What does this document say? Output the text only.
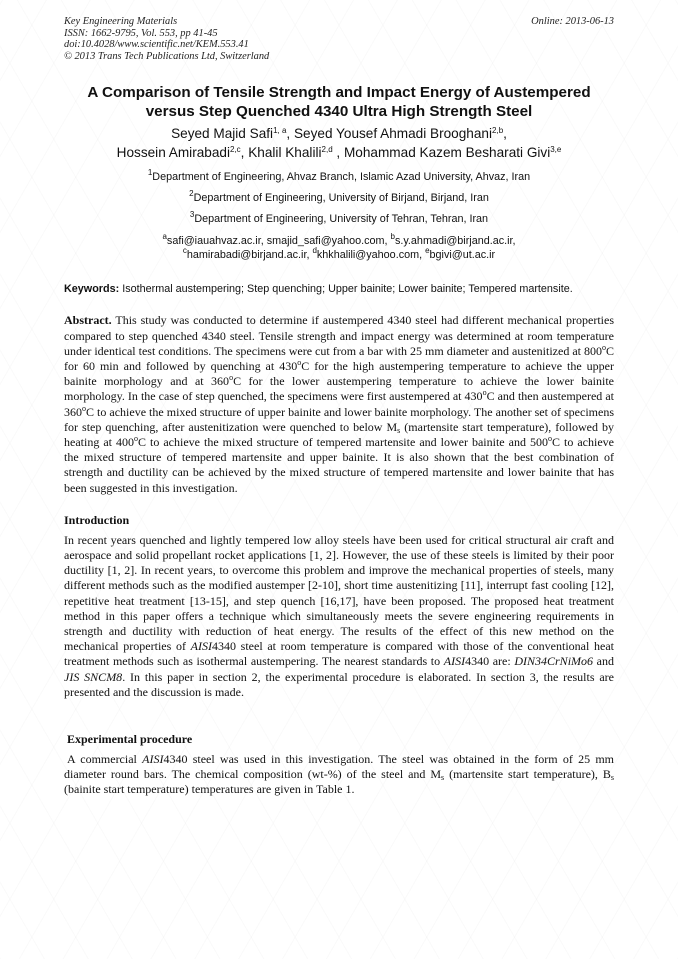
Key Engineering Materials
ISSN: 1662-9795, Vol. 553, pp 41-45
doi:10.4028/www.scientific.net/KEM.553.41
© 2013 Trans Tech Publications Ltd, Switzerland
Online: 2013-06-13
A Comparison of Tensile Strength and Impact Energy of Austempered versus Step Quenched 4340 Ultra High Strength Steel
Seyed Majid Safi$^{1, a}$, Seyed Yousef Ahmadi Brooghani$^{2,b}$,
Hossein Amirabadi$^{2,c}$, Khalil Khalili$^{2,d}$ , Mohammad Kazem Besharati Givi$^{3,e}$
$^1$Department of Engineering, Ahvaz Branch, Islamic Azad University, Ahvaz, Iran
$^2$Department of Engineering, University of Birjand, Birjand, Iran
$^3$Department of Engineering, University of Tehran, Tehran, Iran
$^a$safi@iauahvaz.ac.ir, smajid_safi@yahoo.com, $^b$s.y.ahmadi@birjand.ac.ir,
$^c$hamirabadi@birjand.ac.ir, $^d$khkhalili@yahoo.com, $^e$bgivi@ut.ac.ir
Keywords: Isothermal austempering; Step quenching; Upper bainite; Lower bainite; Tempered martensite.
Abstract. This study was conducted to determine if austempered 4340 steel had different mechanical properties compared to step quenched 4340 steel. Tensile strength and impact energy was determined at room temperature under identical test conditions. The specimens were cut from a bar with 25 mm diameter and austenitized at 800$^o$C for 60 min and followed by quenching at 430$^o$C for the high austempering temperature to achieve the upper bainite morphology and at 360$^o$C for the lower austempering temperature to achieve the lower bainite morphology. In the case of step quenched, the specimens were first austempered at 430$^o$C and then austempered at 360$^o$C to achieve the mixed structure of upper bainite and lower bainite morphology. The another set of specimens for step quenching, after austenitization were quenched to below $M_s$ (martensite start temperature), followed by heating at 400$^o$C to achieve the mixed structure of tempered martensite and lower bainite and 500$^o$C to achieve the mixed structure of tempered martensite and upper bainite. It is also shown that the best combination of strength and ductility can be achieved by the mixed structure of tempered martensite and lower bainite that has been suggested in this investigation.
Introduction
In recent years quenched and lightly tempered low alloy steels have been used for critical structural air craft and aerospace and solid propellant rocket applications [1, 2]. However, the use of these steels is limited by their poor ductility [1, 2]. In recent years, to overcome this problem and improve the mechanical properties of steels, many different methods such as the modified austemper [2-10], short time austenitizing [11], interrupt fast cooling [12], repetitive heat treatment [13-15], and step quench [16,17], have been proposed. The proposed heat treatment method in this paper offers a technique which simultaneously meets the severe engineering requirements in strength and ductility with reduction of heat energy. The results of the effect of this new method on the mechanical properties of AISI4340 steel at room temperature is compared with those of the conventional heat treatment methods such as isothermal austempering. The nearest standards to AISI4340 are: DIN34CrNiMo6 and JIS SNCM8. In this paper in section 2, the experimental procedure is elaborated. In section 3, the results are presented and the discussion is made.
Experimental procedure
A commercial AISI4340 steel was used in this investigation. The steel was obtained in the form of 25 mm diameter round bars. The chemical composition (wt-%) of the steel and $M_s$ (martensite start temperature), $B_s$ (bainite start temperature) temperatures are given in Table 1.
